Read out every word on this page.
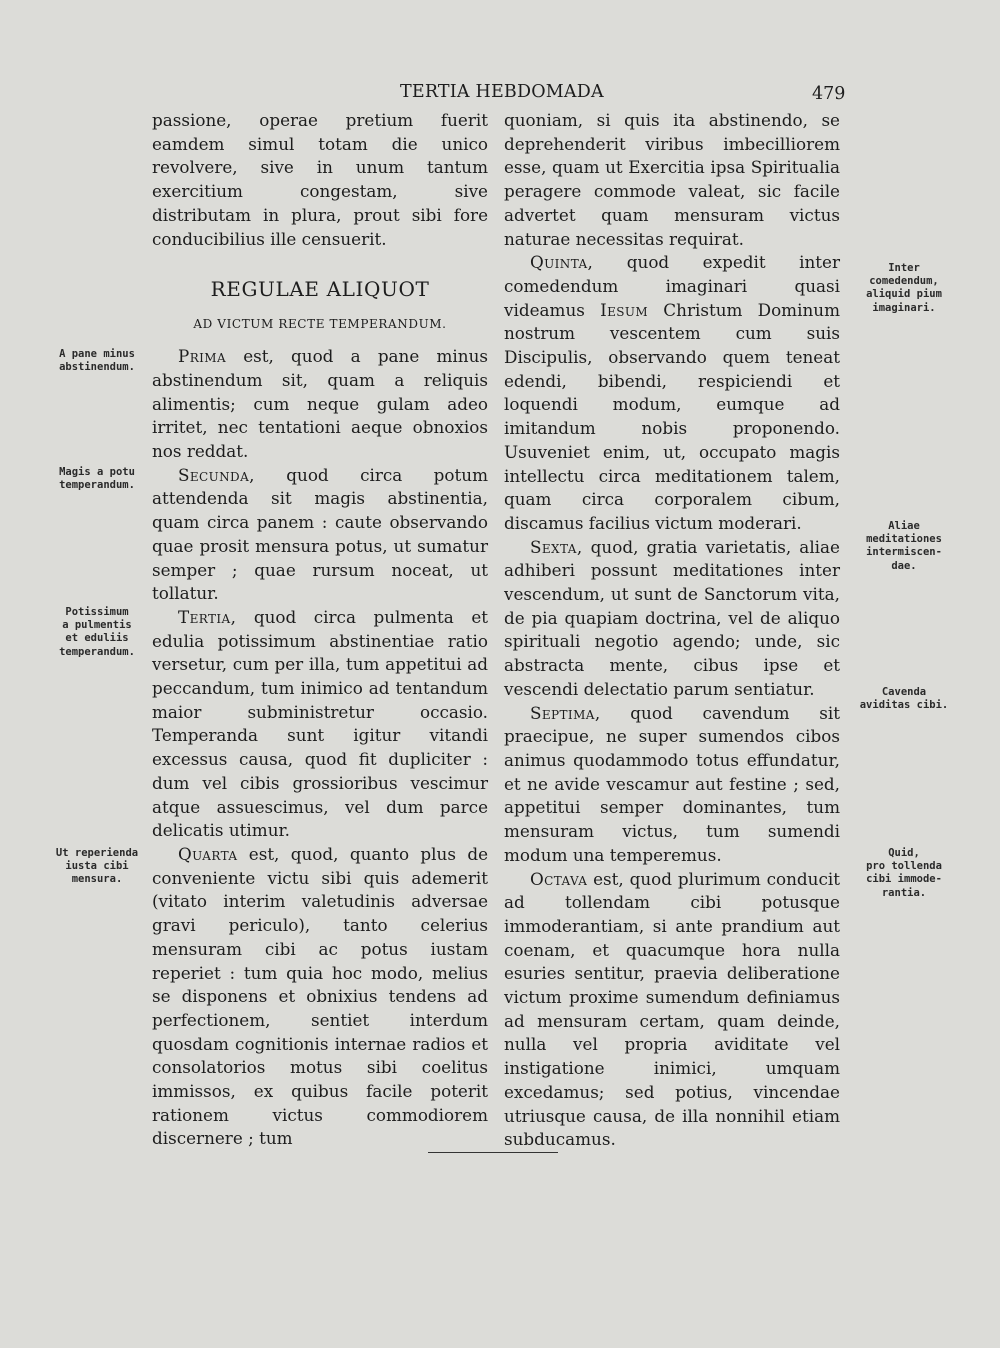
TERTIA HEBDOMADA	479

passione, operae pretium fuerit eamdem simul totam die unico revolvere, sive in unum tantum exercitium congestam, sive distributam in plura, prout sibi fore conducibilius ille censuerit.

REGULAE ALIQUOT
AD VICTUM RECTE TEMPERANDUM.

Prima est, quod a pane minus abstinendum sit, quam a reliquis alimentis; cum neque gulam adeo irritet, nec tentationi aeque obnoxios nos reddat.

Secunda, quod circa potum attendenda sit magis abstinentia, quam circa panem : caute observando quae prosit mensura potus, ut sumatur semper ; quae rursum noceat, ut tollatur.

Tertia, quod circa pulmenta et edulia potissimum abstinentiae ratio versetur, cum per illa, tum appetitui ad peccandum, tum inimico ad tentandum maior subministretur occasio. Temperanda sunt igitur vitandi excessus causa, quod fit dupliciter : dum vel cibis grossioribus vescimur atque assuescimus, vel dum parce delicatis utimur.

Quarta est, quod, quanto plus de conveniente victu sibi quis ademerit (vitato interim valetudinis adversae gravi periculo), tanto celerius mensuram cibi ac potus iustam reperiet : tum quia hoc modo, melius se disponens et obnixius tendens ad perfectionem, sentiet interdum quosdam cognitionis internae radios et consolatorios motus sibi coelitus immissos, ex quibus facile poterit rationem victus commodiorem discernere ; tum

quoniam, si quis ita abstinendo, se deprehenderit viribus imbecilliorem esse, quam ut Exercitia ipsa Spiritualia peragere commode valeat, sic facile advertet quam mensuram victus naturae necessitas requirat.

Quinta, quod expedit inter comedendum imaginari quasi videamus Iesum Christum Dominum nostrum vescentem cum suis Discipulis, observando quem teneat edendi, bibendi, respiciendi et loquendi modum, eumque ad imitandum nobis proponendo. Usuveniet enim, ut, occupato magis intellectu circa meditationem talem, quam circa corporalem cibum, discamus facilius victum moderari.

Sexta, quod, gratia varietatis, aliae adhiberi possunt meditationes inter vescendum, ut sunt de Sanctorum vita, de pia quapiam doctrina, vel de aliquo spirituali negotio agendo; unde, sic abstracta mente, cibus ipse et vescendi delectatio parum sentiatur.

Septima, quod cavendum sit praecipue, ne super sumendos cibos animus quodammodo totus effundatur, et ne avide vescamur aut festine ; sed, appetitui semper dominantes, tum mensuram victus, tum sumendi modum una temperemus.

Octava est, quod plurimum conducit ad tollendam cibi potusque immoderantiam, si ante prandium aut coenam, et quacumque hora nulla esuries sentitur, praevia deliberatione victum proxime sumendum definiamus ad mensuram certam, quam deinde, nulla vel propria aviditate vel instigatione inimici, umquam excedamus; sed potius, vincendae utriusque causa, de illa nonnihil etiam subducamus.

A pane minus
abstinendum.
Magis a potu
temperandum.
Potissimum
a pulmentis
et eduliis
temperandum.
Ut reperienda
iusta cibi
mensura.
Inter
comedendum,
aliquid pium
imaginari.
Aliae
meditationes
intermiscen-
dae.
Cavenda
aviditas cibi.
Quid,
pro tollenda
cibi immode-
rantia.
